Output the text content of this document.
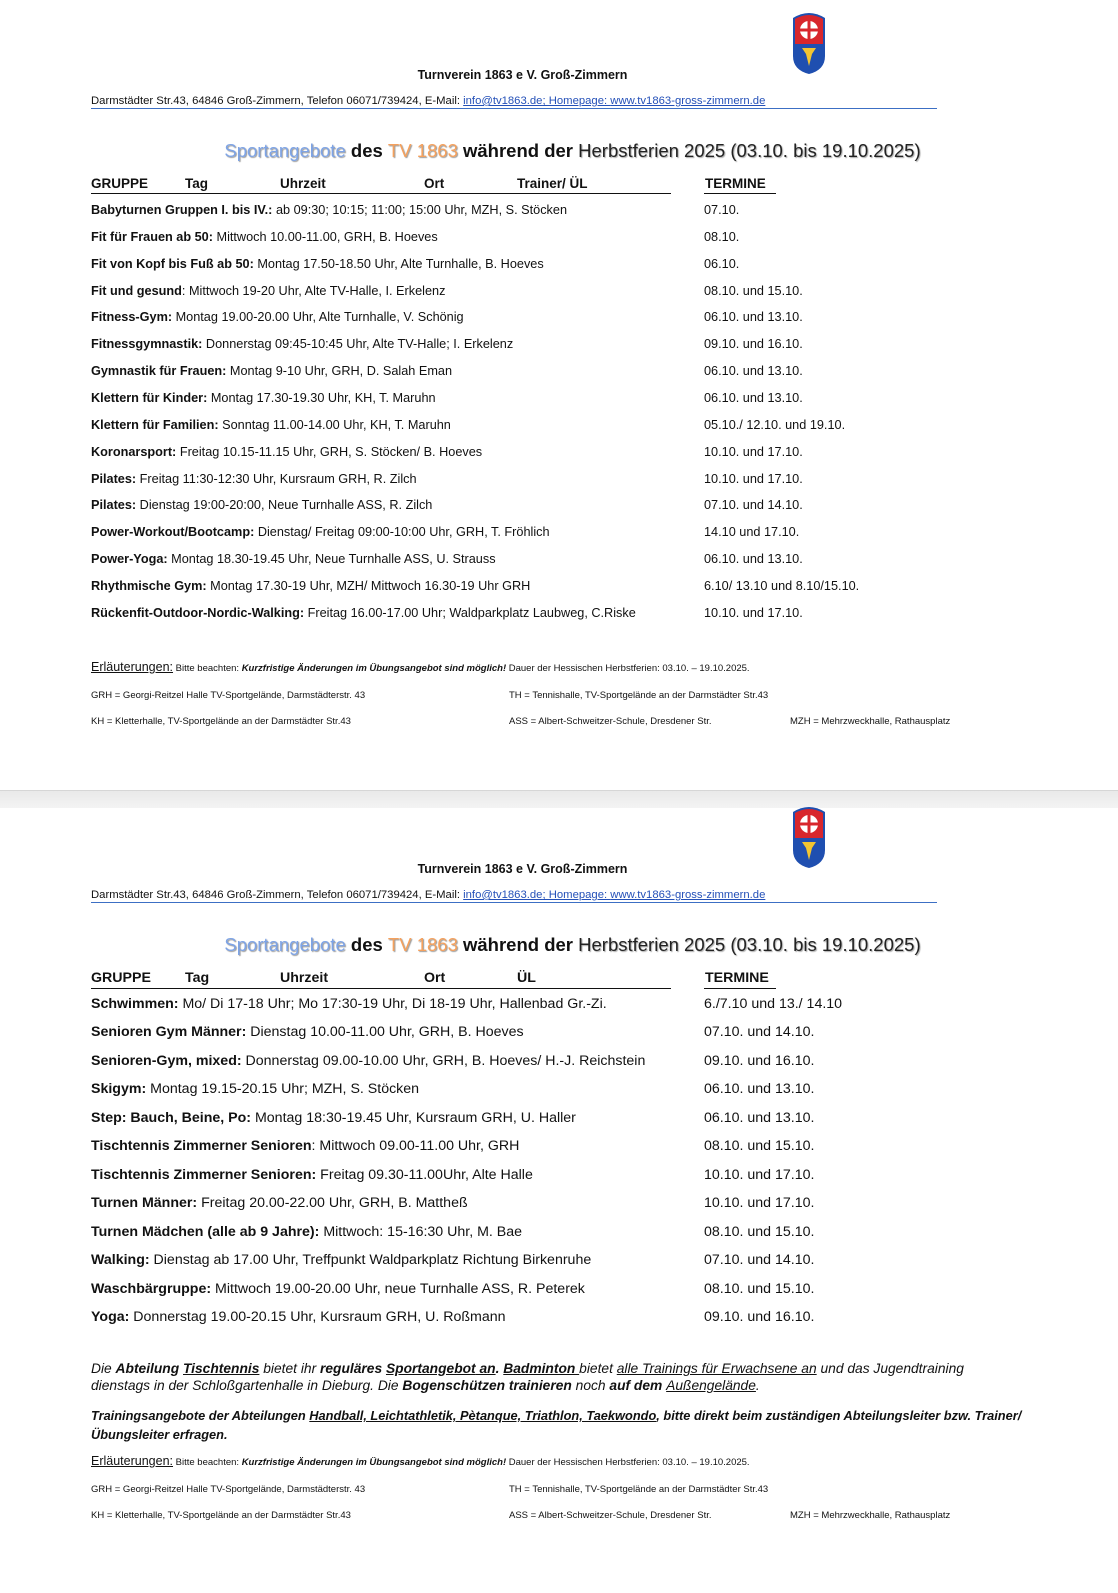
Turnverein 1863 e V. Groß-Zimmern
Darmstädter Str.43, 64846 Groß-Zimmern, Telefon 06071/739424, E-Mail: info@tv1863.de; Homepage: www.tv1863-gross-zimmern.de
Sportangebote des TV 1863 während der Herbstferien 2025 (03.10. bis 19.10.2025)
GRUPPE	Tag	Uhrzeit	Ort	Trainer/ ÜL	TERMINE
Babyturnen Gruppen I. bis IV.: ab 09:30; 10:15; 11:00; 15:00 Uhr, MZH, S. Stöcken	07.10.
Fit für Frauen ab 50: Mittwoch 10.00-11.00, GRH, B. Hoeves	08.10.
Fit von Kopf bis Fuß ab 50: Montag 17.50-18.50 Uhr, Alte Turnhalle, B. Hoeves	06.10.
Fit und gesund: Mittwoch 19-20 Uhr, Alte TV-Halle, I. Erkelenz	08.10. und 15.10.
Fitness-Gym: Montag 19.00-20.00 Uhr, Alte Turnhalle, V. Schönig	06.10. und 13.10.
Fitnessgymnastik: Donnerstag 09:45-10:45 Uhr, Alte TV-Halle; I. Erkelenz	09.10. und 16.10.
Gymnastik für Frauen: Montag 9-10 Uhr, GRH, D. Salah Eman	06.10. und 13.10.
Klettern für Kinder: Montag 17.30-19.30 Uhr, KH, T. Maruhn	06.10. und 13.10.
Klettern für Familien: Sonntag 11.00-14.00 Uhr, KH, T. Maruhn	05.10./ 12.10. und 19.10.
Koronarsport: Freitag 10.15-11.15 Uhr, GRH, S. Stöcken/ B. Hoeves	10.10. und 17.10.
Pilates: Freitag 11:30-12:30 Uhr, Kursraum GRH, R. Zilch	10.10. und 17.10.
Pilates: Dienstag 19:00-20:00, Neue Turnhalle ASS, R. Zilch	07.10. und 14.10.
Power-Workout/Bootcamp: Dienstag/ Freitag 09:00-10:00 Uhr, GRH, T. Fröhlich	14.10 und 17.10.
Power-Yoga: Montag 18.30-19.45 Uhr, Neue Turnhalle ASS, U. Strauss	06.10. und 13.10.
Rhythmische Gym: Montag 17.30-19 Uhr, MZH/ Mittwoch 16.30-19 Uhr GRH	6.10/ 13.10 und 8.10/15.10.
Rückenfit-Outdoor-Nordic-Walking: Freitag 16.00-17.00 Uhr; Waldparkplatz Laubweg, C.Riske	10.10. und 17.10.
Erläuterungen: Bitte beachten: Kurzfristige Änderungen im Übungsangebot sind möglich! Dauer der Hessischen Herbstferien: 03.10. – 19.10.2025.
GRH = Georgi-Reitzel Halle TV-Sportgelände, Darmstädterstr. 43	TH = Tennishalle, TV-Sportgelände an der Darmstädter Str.43
KH = Kletterhalle, TV-Sportgelände an der Darmstädter Str.43	ASS = Albert-Schweitzer-Schule, Dresdener Str.	MZH = Mehrzweckhalle, Rathausplatz
Turnverein 1863 e V. Groß-Zimmern
Darmstädter Str.43, 64846 Groß-Zimmern, Telefon 06071/739424, E-Mail: info@tv1863.de; Homepage: www.tv1863-gross-zimmern.de
Sportangebote des TV 1863 während der Herbstferien 2025 (03.10. bis 19.10.2025)
GRUPPE Tag	Uhrzeit	Ort	ÜL	TERMINE
Schwimmen: Mo/ Di 17-18 Uhr; Mo 17:30-19 Uhr, Di 18-19 Uhr, Hallenbad Gr.-Zi.	6./7.10 und 13./ 14.10
Senioren Gym Männer: Dienstag 10.00-11.00 Uhr, GRH, B. Hoeves	07.10. und 14.10.
Senioren-Gym, mixed: Donnerstag 09.00-10.00 Uhr, GRH, B. Hoeves/ H.-J. Reichstein	09.10. und 16.10.
Skigym: Montag 19.15-20.15 Uhr; MZH, S. Stöcken	06.10. und 13.10.
Step: Bauch, Beine, Po: Montag 18:30-19.45 Uhr, Kursraum GRH, U. Haller	06.10. und 13.10.
Tischtennis Zimmerner Senioren: Mittwoch 09.00-11.00 Uhr, GRH	08.10. und 15.10.
Tischtennis Zimmerner Senioren: Freitag 09.30-11.00Uhr, Alte Halle	10.10. und 17.10.
Turnen Männer: Freitag 20.00-22.00 Uhr, GRH, B. Mattheß	10.10. und 17.10.
Turnen Mädchen (alle ab 9 Jahre): Mittwoch: 15-16:30 Uhr, M. Bae	08.10. und 15.10.
Walking: Dienstag ab 17.00 Uhr, Treffpunkt Waldparkplatz Richtung Birkenruhe	07.10. und 14.10.
Waschbärgruppe: Mittwoch 19.00-20.00 Uhr, neue Turnhalle ASS, R. Peterek	08.10. und 15.10.
Yoga: Donnerstag 19.00-20.15 Uhr, Kursraum GRH, U. Roßmann	09.10. und 16.10.
Die Abteilung Tischtennis bietet ihr reguläres Sportangebot an. Badminton bietet alle Trainings für Erwachsene an und das Jugendtraining
dienstags in der Schloßgartenhalle in Dieburg. Die Bogenschützen trainieren noch auf dem Außengelände.
Trainingsangebote der Abteilungen Handball, Leichtathletik, Pètanque, Triathlon, Taekwondo, bitte direkt beim zuständigen Abteilungsleiter bzw. Trainer/
Übungsleiter erfragen.
Erläuterungen: Bitte beachten: Kurzfristige Änderungen im Übungsangebot sind möglich! Dauer der Hessischen Herbstferien: 03.10. – 19.10.2025.
GRH = Georgi-Reitzel Halle TV-Sportgelände, Darmstädterstr. 43	TH = Tennishalle, TV-Sportgelände an der Darmstädter Str.43
KH = Kletterhalle, TV-Sportgelände an der Darmstädter Str.43	ASS = Albert-Schweitzer-Schule, Dresdener Str.	MZH = Mehrzweckhalle, Rathausplatz
